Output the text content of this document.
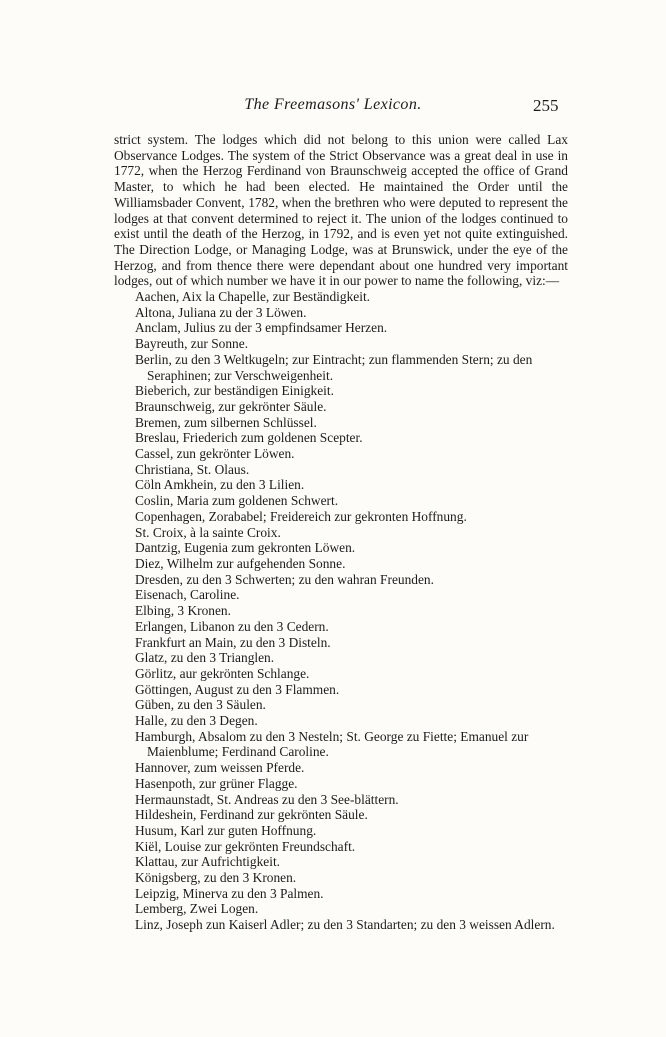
The Freemasons' Lexicon.	255

strict system. The lodges which did not belong to this union were called Lax Observance Lodges. The system of the Strict Observance was a great deal in use in 1772, when the Herzog Ferdinand von Braunschweig accepted the office of Grand Master, to which he had been elected. He maintained the Order until the Williamsbader Convent, 1782, when the brethren who were deputed to represent the lodges at that convent determined to reject it. The union of the lodges continued to exist until the death of the Herzog, in 1792, and is even yet not quite extinguished. The Direction Lodge, or Managing Lodge, was at Brunswick, under the eye of the Herzog, and from thence there were dependant about one hundred very important lodges, out of which number we have it in our power to name the following, viz:—

Aachen, Aix la Chapelle, zur Beständigkeit.
Altona, Juliana zu der 3 Löwen.
Anclam, Julius zu der 3 empfindsamer Herzen.
Bayreuth, zur Sonne.
Berlin, zu den 3 Weltkugeln; zur Eintracht; zun flammenden Stern; zu den Seraphinen; zur Verschweigenheit.
Bieberich, zur beständigen Einigkeit.
Braunschweig, zur gekrönter Säule.
Bremen, zum silbernen Schlüssel.
Breslau, Friederich zum goldenen Scepter.
Cassel, zun gekrönter Löwen.
Christiana, St. Olaus.
Cöln Amkhein, zu den 3 Lilien.
Coslin, Maria zum goldenen Schwert.
Copenhagen, Zorababel; Freidereich zur gekronten Hoffnung.
St. Croix, à la sainte Croix.
Dantzig, Eugenia zum gekronten Löwen.
Diez, Wilhelm zur aufgehenden Sonne.
Dresden, zu den 3 Schwerten; zu den wahran Freunden.
Eisenach, Caroline.
Elbing, 3 Kronen.
Erlangen, Libanon zu den 3 Cedern.
Frankfurt an Main, zu den 3 Disteln.
Glatz, zu den 3 Trianglen.
Görlitz, aur gekrönten Schlange.
Göttingen, August zu den 3 Flammen.
Güben, zu den 3 Säulen.
Halle, zu den 3 Degen.
Hamburgh, Absalom zu den 3 Nesteln; St. George zu Fiette; Emanuel zur Maienblume; Ferdinand Caroline.
Hannover, zum weissen Pferde.
Hasenpoth, zur grüner Flagge.
Hermaunstadt, St. Andreas zu den 3 See-blättern.
Hildeshein, Ferdinand zur gekrönten Säule.
Husum, Karl zur guten Hoffnung.
Kiël, Louise zur gekrönten Freundschaft.
Klattau, zur Aufrichtigkeit.
Königsberg, zu den 3 Kronen.
Leipzig, Minerva zu den 3 Palmen.
Lemberg, Zwei Logen.
Linz, Joseph zun Kaiserl Adler; zu den 3 Standarten; zu den 3 weissen Adlern.
